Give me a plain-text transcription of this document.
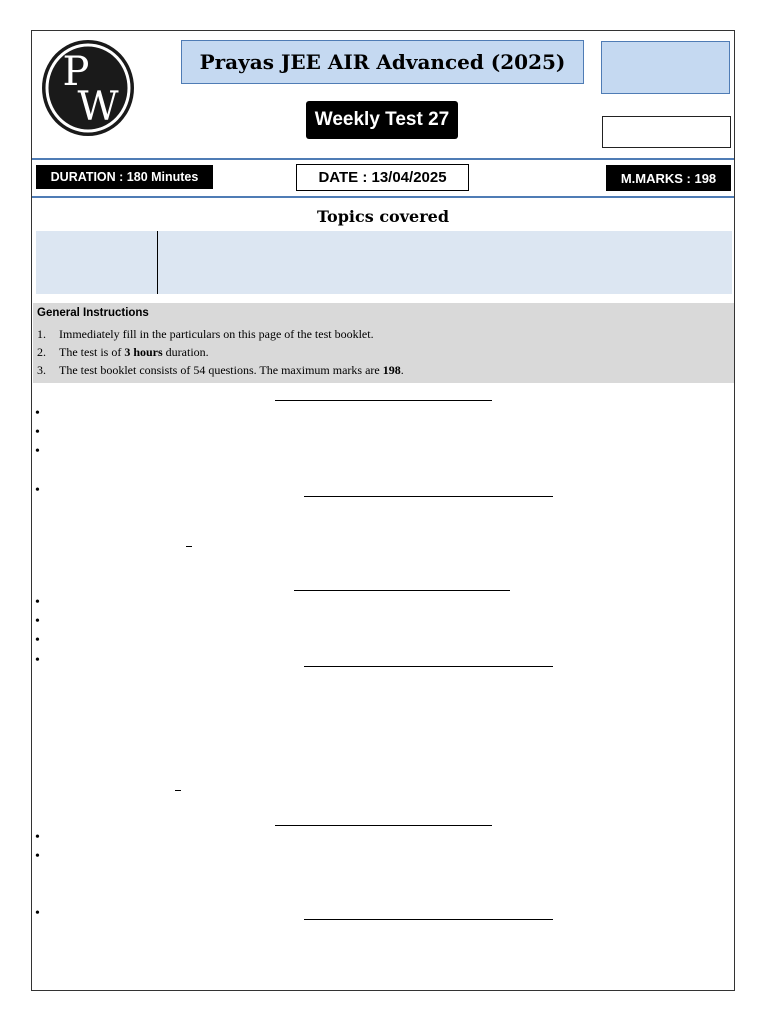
P
W
Prayas JEE AIR Advanced (2025)
Weekly Test 27
DURATION : 180 Minutes	DATE : 13/04/2025	M.MARKS : 198
Topics covered
General Instructions
1.	Immediately fill in the particulars on this page of the test booklet.
2.	The test is of 3 hours duration.
3.	The test booklet consists of 54 questions. The maximum marks are 198.
•
•
•
•
•
•
•
•
•
•
•
